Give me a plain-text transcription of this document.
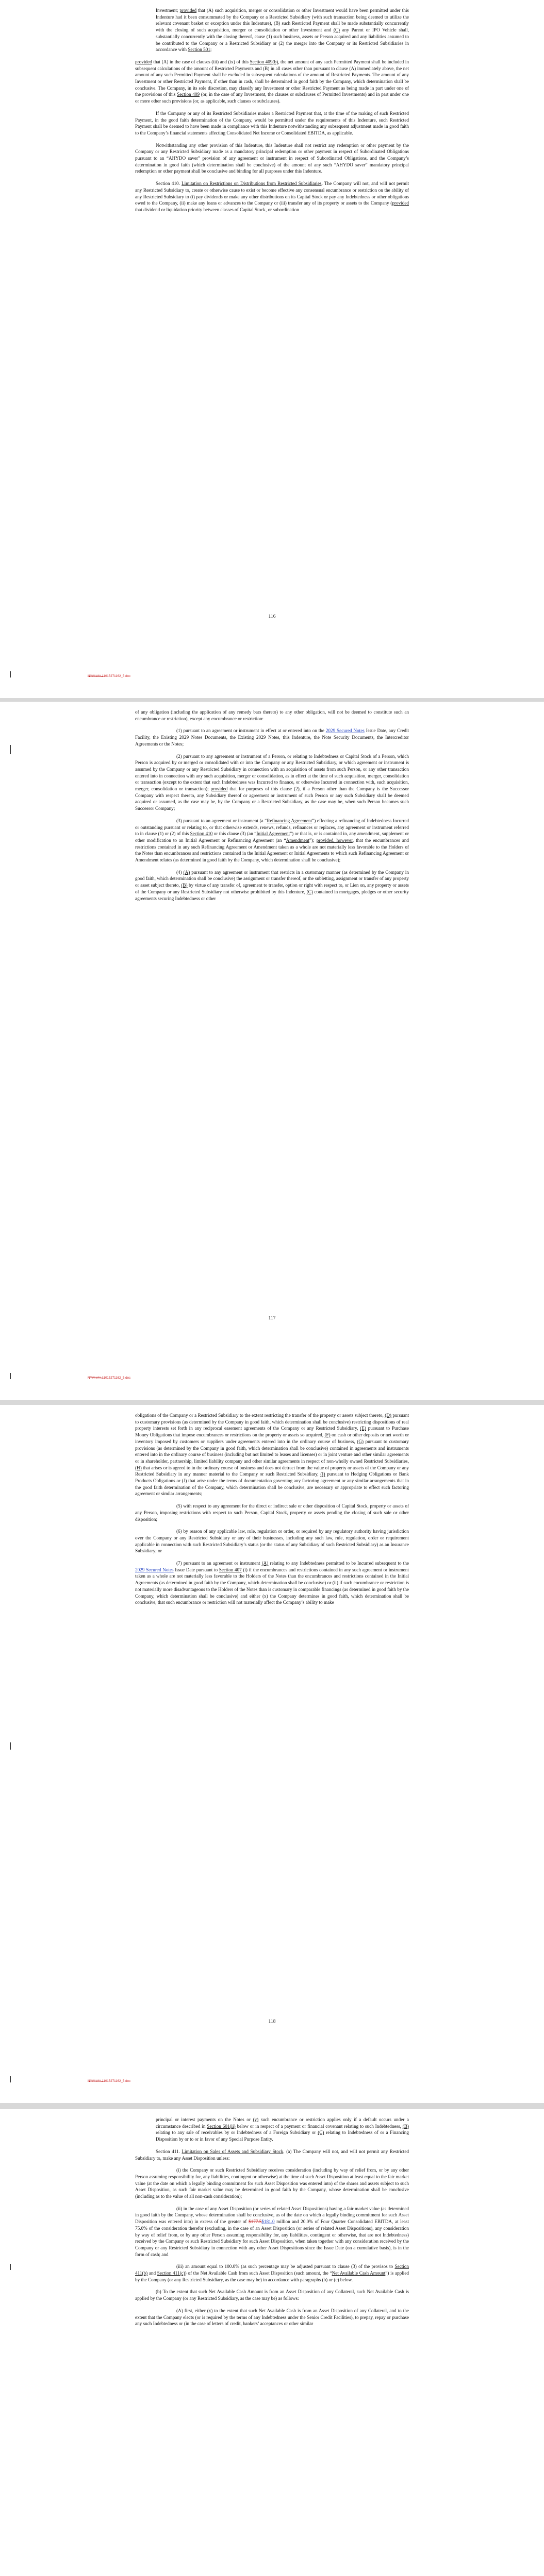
Investment; provided that (A) such acquisition, merger or consolidation or other Investment would have been permitted under this Indenture had it been consummated by the Company or a Restricted Subsidiary (with such transaction being deemed to utilize the relevant covenant basket or exception under this Indenture), (B) such Restricted Payment shall be made substantially concurrently with the closing of such acquisition, merger or consolidation or other Investment and (C) any Parent or IPO Vehicle shall, substantially concurrently with the closing thereof, cause (1) such business, assets or Person acquired and any liabilities assumed to be contributed to the Company or a Restricted Subsidiary or (2) the merger into the Company or its Restricted Subsidiaries in accordance with Section 501;

provided that (A) in the case of clauses (iii) and (ix) of this Section 409(b), the net amount of any such Permitted Payment shall be included in subsequent calculations of the amount of Restricted Payments and (B) in all cases other than pursuant to clause (A) immediately above, the net amount of any such Permitted Payment shall be excluded in subsequent calculations of the amount of Restricted Payments. The amount of any Investment or other Restricted Payment, if other than in cash, shall be determined in good faith by the Company, which determination shall be conclusive. The Company, in its sole discretion, may classify any Investment or other Restricted Payment as being made in part under one of the provisions of this Section 409 (or, in the case of any Investment, the clauses or subclauses of Permitted Investments) and in part under one or more other such provisions (or, as applicable, such clauses or subclauses).

If the Company or any of its Restricted Subsidiaries makes a Restricted Payment that, at the time of the making of such Restricted Payment, in the good faith determination of the Company, would be permitted under the requirements of this Indenture, such Restricted Payment shall be deemed to have been made in compliance with this Indenture notwithstanding any subsequent adjustment made in good faith to the Company’s financial statements affecting Consolidated Net Income or Consolidated EBITDA, as applicable.

Notwithstanding any other provision of this Indenture, this Indenture shall not restrict any redemption or other payment by the Company or any Restricted Subsidiary made as a mandatory principal redemption or other payment in respect of Subordinated Obligations pursuant to an “AHYDO saver” provision of any agreement or instrument in respect of Subordinated Obligations, and the Company’s determination in good faith (which determination shall be conclusive) of the amount of any such “AHYDO saver” mandatory principal redemption or other payment shall be conclusive and binding for all purposes under this Indenture.

Section 410. Limitation on Restrictions on Distributions from Restricted Subsidiaries. The Company will not, and will not permit any Restricted Subsidiary to, create or otherwise cause to exist or become effective any consensual encumbrance or restriction on the ability of any Restricted Subsidiary to (i) pay dividends or make any other distributions on its Capital Stock or pay any Indebtedness or other obligations owed to the Company, (ii) make any loans or advances to the Company or (iii) transfer any of its property or assets to the Company (provided that dividend or liquidation priority between classes of Capital Stock, or subordination

116
NY#####.11015271162_5.doc

of any obligation (including the application of any remedy bars thereto) to any other obligation, will not be deemed to constitute such an encumbrance or restriction), except any encumbrance or restriction:

(1) pursuant to an agreement or instrument in effect at or entered into on the 2029 Secured Notes Issue Date, any Credit Facility, the Existing 2029 Notes Documents, the Existing 2029 Notes, this Indenture, the Note Security Documents, the Intercreditor Agreements or the Notes;

(2) pursuant to any agreement or instrument of a Person, or relating to Indebtedness or Capital Stock of a Person, which Person is acquired by or merged or consolidated with or into the Company or any Restricted Subsidiary, or which agreement or instrument is assumed by the Company or any Restricted Subsidiary in connection with an acquisition of assets from such Person, or any other transaction entered into in connection with any such acquisition, merger or consolidation, as in effect at the time of such acquisition, merger, consolidation or transaction (except to the extent that such Indebtedness was Incurred to finance, or otherwise Incurred in connection with, such acquisition, merger, consolidation or transaction); provided that for purposes of this clause (2), if a Person other than the Company is the Successor Company with respect thereto, any Subsidiary thereof or agreement or instrument of such Person or any such Subsidiary shall be deemed acquired or assumed, as the case may be, by the Company or a Restricted Subsidiary, as the case may be, when such Person becomes such Successor Company;

(3) pursuant to an agreement or instrument (a “Refinancing Agreement”) effecting a refinancing of Indebtedness Incurred or outstanding pursuant or relating to, or that otherwise extends, renews, refunds, refinances or replaces, any agreement or instrument referred to in clause (1) or (2) of this Section 410 or this clause (3) (an “Initial Agreement”) or that is, or is contained in, any amendment, supplement or other modification to an Initial Agreement or Refinancing Agreement (an “Amendment”); provided, however, that the encumbrances and restrictions contained in any such Refinancing Agreement or Amendment taken as a whole are not materially less favorable to the Holders of the Notes than encumbrances and restrictions contained in the Initial Agreement or Initial Agreements to which such Refinancing Agreement or Amendment relates (as determined in good faith by the Company, which determination shall be conclusive);

(4) (A) pursuant to any agreement or instrument that restricts in a customary manner (as determined by the Company in good faith, which determination shall be conclusive) the assignment or transfer thereof, or the subletting, assignment or transfer of any property or asset subject thereto, (B) by virtue of any transfer of, agreement to transfer, option or right with respect to, or Lien on, any property or assets of the Company or any Restricted Subsidiary not otherwise prohibited by this Indenture, (C) contained in mortgages, pledges or other security agreements securing Indebtedness or other

117
NY#####.11015271162_5.doc

obligations of the Company or a Restricted Subsidiary to the extent restricting the transfer of the property or assets subject thereto, (D) pursuant to customary provisions (as determined by the Company in good faith, which determination shall be conclusive) restricting dispositions of real property interests set forth in any reciprocal easement agreements of the Company or any Restricted Subsidiary, (E) pursuant to Purchase Money Obligations that impose encumbrances or restrictions on the property or assets so acquired, (F) on cash or other deposits or net worth or inventory imposed by customers or suppliers under agreements entered into in the ordinary course of business, (G) pursuant to customary provisions (as determined by the Company in good faith, which determination shall be conclusive) contained in agreements and instruments entered into in the ordinary course of business (including but not limited to leases and licenses) or in joint venture and other similar agreements or in shareholder, partnership, limited liability company and other similar agreements in respect of non-wholly owned Restricted Subsidiaries, (H) that arises or is agreed to in the ordinary course of business and does not detract from the value of property or assets of the Company or any Restricted Subsidiary in any manner material to the Company or such Restricted Subsidiary, (I) pursuant to Hedging Obligations or Bank Products Obligations or (J) that arise under the terms of documentation governing any factoring agreement or any similar arrangements that in the good faith determination of the Company, which determination shall be conclusive, are necessary or appropriate to effect such factoring agreement or similar arrangements;

(5) with respect to any agreement for the direct or indirect sale or other disposition of Capital Stock, property or assets of any Person, imposing restrictions with respect to such Person, Capital Stock, property or assets pending the closing of such sale or other disposition;

(6) by reason of any applicable law, rule, regulation or order, or required by any regulatory authority having jurisdiction over the Company or any Restricted Subsidiary or any of their businesses, including any such law, rule, regulation, order or requirement applicable in connection with such Restricted Subsidiary’s status (or the status of any Subsidiary of such Restricted Subsidiary) as an Insurance Subsidiary; or

(7) pursuant to an agreement or instrument (A) relating to any Indebtedness permitted to be Incurred subsequent to the 2029 Secured Notes Issue Date pursuant to Section 407 (i) if the encumbrances and restrictions contained in any such agreement or instrument taken as a whole are not materially less favorable to the Holders of the Notes than the encumbrances and restrictions contained in the Initial Agreements (as determined in good faith by the Company, which determination shall be conclusive) or (ii) if such encumbrance or restriction is not materially more disadvantageous to the Holders of the Notes than is customary in comparable financings (as determined in good faith by the Company, which determination shall be conclusive) and either (x) the Company determines in good faith, which determination shall be conclusive, that such encumbrance or restriction will not materially affect the Company’s ability to make

118
NY#####.11015271162_5.doc

principal or interest payments on the Notes or (y) such encumbrance or restriction applies only if a default occurs under a circumstance described in Section 601(ii) below or in respect of a payment or financial covenant relating to such Indebtedness, (B) relating to any sale of receivables by or Indebtedness of a Foreign Subsidiary or (C) relating to Indebtedness of or a Financing Disposition by or to or in favor of any Special Purpose Entity.

Section 411. Limitation on Sales of Assets and Subsidiary Stock. (a) The Company will not, and will not permit any Restricted Subsidiary to, make any Asset Disposition unless:

(i) the Company or such Restricted Subsidiary receives consideration (including by way of relief from, or by any other Person assuming responsibility for, any liabilities, contingent or otherwise) at the time of such Asset Disposition at least equal to the fair market value (at the date on which a legally binding commitment for such Asset Disposition was entered into) of the shares and assets subject to such Asset Disposition, as such fair market value may be determined in good faith by the Company, whose determination shall be conclusive (including as to the value of all non-cash consideration);

(ii) in the case of any Asset Disposition (or series of related Asset Dispositions) having a fair market value (as determined in good faith by the Company, whose determination shall be conclusive, as of the date on which a legally binding commitment for such Asset Disposition was entered into) in excess of the greater of $177.5$181.0 million and 20.0% of Four Quarter Consolidated EBITDA, at least 75.0% of the consideration therefor (excluding, in the case of an Asset Disposition (or series of related Asset Dispositions), any consideration by way of relief from, or by any other Person assuming responsibility for, any liabilities, contingent or otherwise, that are not Indebtedness) received by the Company or such Restricted Subsidiary for such Asset Disposition, when taken together with any consideration received by the Company or any Restricted Subsidiary in connection with any other Asset Dispositions since the Issue Date (on a cumulative basis), is in the form of cash; and

(iii) an amount equal to 100.0% (as such percentage may be adjusted pursuant to clause (3) of the provisos to Section 411(b) and Section 411(c)) of the Net Available Cash from such Asset Disposition (such amount, the “Net Available Cash Amount”) is applied by the Company (or any Restricted Subsidiary, as the case may be) in accordance with paragraphs (b) or (c) below.

(b) To the extent that such Net Available Cash Amount is from an Asset Disposition of any Collateral, such Net Available Cash is applied by the Company (or any Restricted Subsidiary, as the case may be) as follows:

(A) first, either (x) to the extent that such Net Available Cash is from an Asset Disposition of any Collateral, and to the extent that the Company elects (or is required by the terms of any Indebtedness under the Senior Credit Facilities), to prepay, repay or purchase any such Indebtedness or (in the case of letters of credit, bankers’ acceptances or other similar
